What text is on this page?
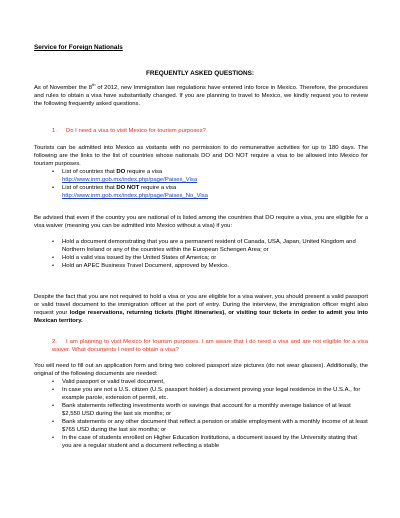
Service for Foreign Nationals
FREQUENTLY ASKED QUESTIONS:
As of November the 8th of 2012, new Immigration law regulations have entered into force in Mexico. Therefore, the procedures and rules to obtain a visa have substantially changed. If you are planning to travel to Mexico, we kindly request you to review the following frequently asked questions.
1. Do I need a visa to visit Mexico for tourism purposes?
Tourists can be admitted into Mexico as visitants with no permission to do remunerative activities for up to 180 days. The following are the links to the list of countries whose nationals DO and DO NOT require a visa to be allowed into Mexico for tourism purposes.
• List of countries that DO require a visa
http://www.inm.gob.mx/index.php/page/Paises_Visa
• List of countries that DO NOT require a visa
http://www.inm.gob.mx/index.php/page/Paises_No_Visa
Be advised that even if the country you are national of is listed among the countries that DO require a visa, you are eligible for a visa waiver (meaning you can be admitted into Mexico without a visa) if you:
• Hold a document demonstrating that you are a permanent resident of Canada, USA, Japan, United Kingdom and Northern Ireland or any of the countries within the European Schengen Area; or
• Hold a valid visa issued by the United States of America; or
• Hold an APEC Business Travel Document, approved by Mexico.
Despite the fact that you are not required to hold a visa or you are eligible for a visa waiver, you should present a valid passport or valid travel document to the immigration officer at the port of entry. During the interview, the immigration officer might also request your lodge reservations, returning tickets (flight itineraries), or visiting tour tickets in order to admit you into Mexican territory.
2. I am planning to visit Mexico for tourism purposes. I am aware that I do need a visa and are not eligible for a visa waiver. What documents I need to obtain a visa?
You will need to fill out an application form and bring two colored passport size pictures (do not wear glasses). Additionally, the original of the following documents are needed:
• Valid passport or valid travel document,
• In case you are not a U.S. citizen (U.S. passport holder) a document proving your legal residence in the U.S.A., for example parole, extension of permit, etc.
• Bank statements reflecting investments worth or savings that account for a monthly average balance of at least $2,550 USD during the last six months; or
• Bank statements or any other document that reflect a pension or stable employment with a monthly income of at least $765 USD during the last six months; or
• In the case of students enrolled on Higher Education Institutions, a document issued by the University stating that you are a regular student and a document reflecting a stable
